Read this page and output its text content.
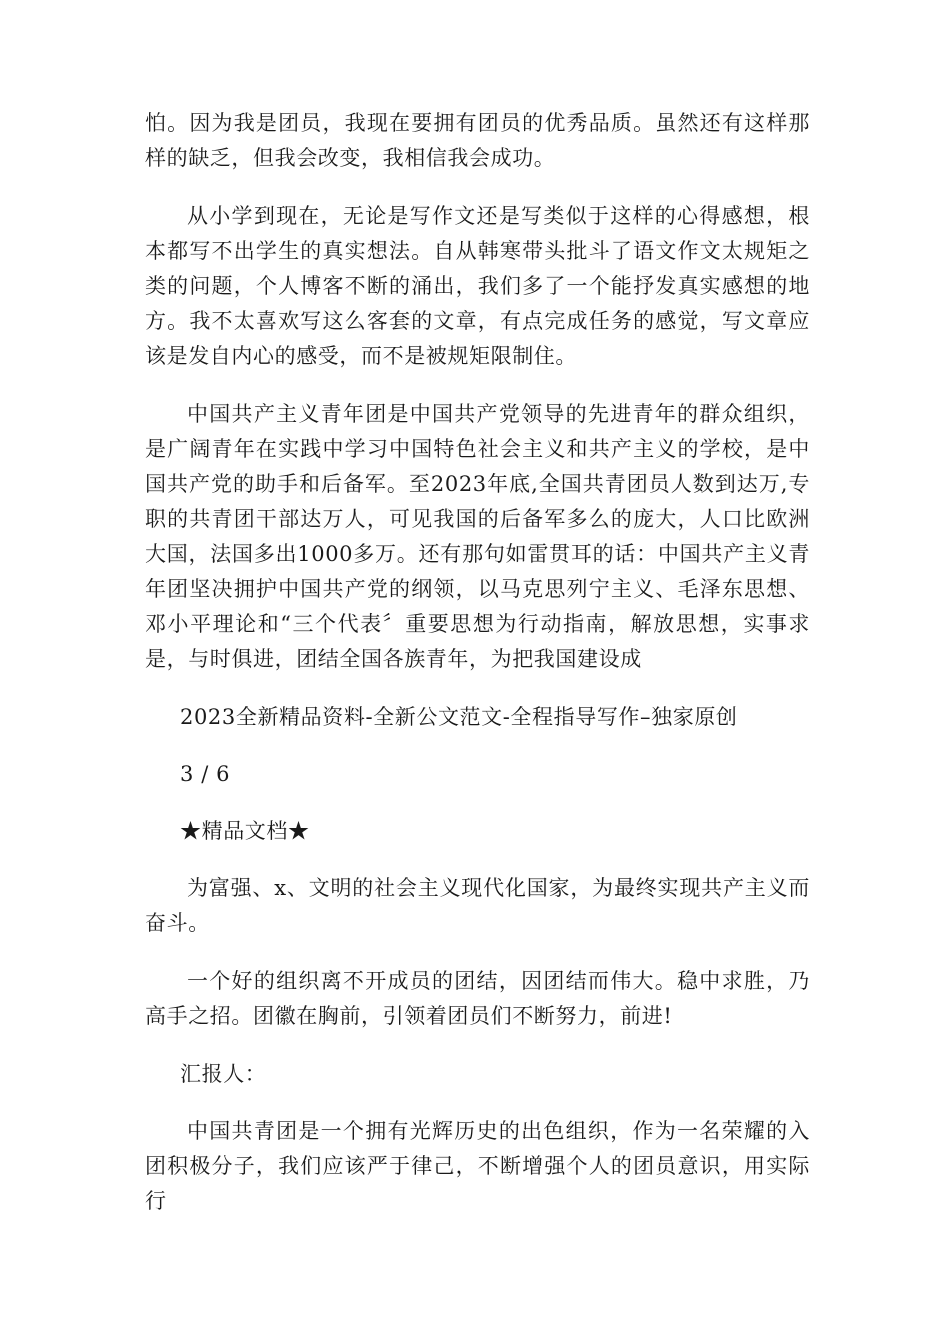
怕。因为我是团员，我现在要拥有团员的优秀品质。虽然还有这样那样的缺乏，但我会改变，我相信我会成功。

从小学到现在，无论是写作文还是写类似于这样的心得感想，根本都写不出学生的真实想法。自从韩寒带头批斗了语文作文太规矩之类的问题，个人博客不断的涌出，我们多了一个能抒发真实感想的地方。我不太喜欢写这么客套的文章，有点完成任务的感觉，写文章应该是发自内心的感受，而不是被规矩限制住。

中国共产主义青年团是中国共产党领导的先进青年的群众组织，是广阔青年在实践中学习中国特色社会主义和共产主义的学校，是中国共产党的助手和后备军。至2023年底,全国共青团员人数到达万,专职的共青团干部达万人，可见我国的后备军多么的庞大，人口比欧洲大国，法国多出1000多万。还有那句如雷贯耳的话：中国共产主义青年团坚决拥护中国共产党的纲领，以马克思列宁主义、毛泽东思想、邓小平理论和“三个代表〞重要思想为行动指南，解放思想，实事求是，与时俱进，团结全国各族青年，为把我国建设成

2023全新精品资料-全新公文范文-全程指导写作–独家原创
3 / 6
★精品文档★

为富强、x、文明的社会主义现代化国家，为最终实现共产主义而奋斗。

一个好的组织离不开成员的团结，因团结而伟大。稳中求胜，乃高手之招。团徽在胸前，引领着团员们不断努力，前进!

汇报人：

中国共青团是一个拥有光辉历史的出色组织，作为一名荣耀的入团积极分子，我们应该严于律己，不断增强个人的团员意识，用实际行
